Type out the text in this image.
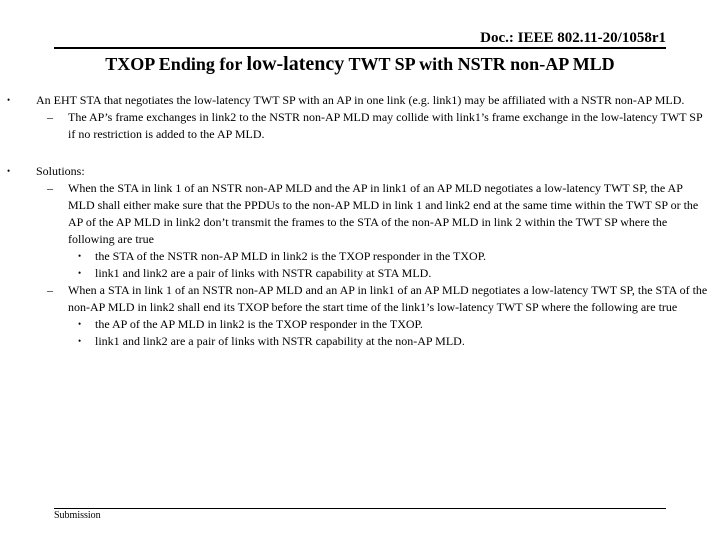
Doc.: IEEE 802.11-20/1058r1
TXOP Ending for low-latency TWT SP with NSTR non-AP MLD
• An EHT STA that negotiates the low-latency TWT SP with an AP in one link (e.g. link1) may be affiliated with a NSTR non-AP MLD.
– The AP’s frame exchanges in link2 to the NSTR non-AP MLD may collide with link1’s frame exchange in the low-latency TWT SP if no restriction is added to the AP MLD.
• Solutions:
– When the STA in link 1 of an NSTR non-AP MLD and the AP in link1 of an AP MLD negotiates a low-latency TWT SP, the AP MLD shall either make sure that the PPDUs to the non-AP MLD in link 1 and link2 end at the same time within the TWT SP or the AP of the AP MLD in link2 don’t transmit the frames to the STA of the non-AP MLD in link 2 within the TWT SP where the following are true
• the STA of the NSTR non-AP MLD in link2 is the TXOP responder in the TXOP.
• link1 and link2 are a pair of links with NSTR capability at STA MLD.
– When a STA in link 1 of an NSTR non-AP MLD and an AP in link1 of an AP MLD negotiates a low-latency TWT SP, the STA of the non-AP MLD in link2 shall end its TXOP before the start time of the link1’s low-latency TWT SP where the following are true
• the AP of the AP MLD in link2 is the TXOP responder in the TXOP.
• link1 and link2 are a pair of links with NSTR capability at the non-AP MLD.
Submission
